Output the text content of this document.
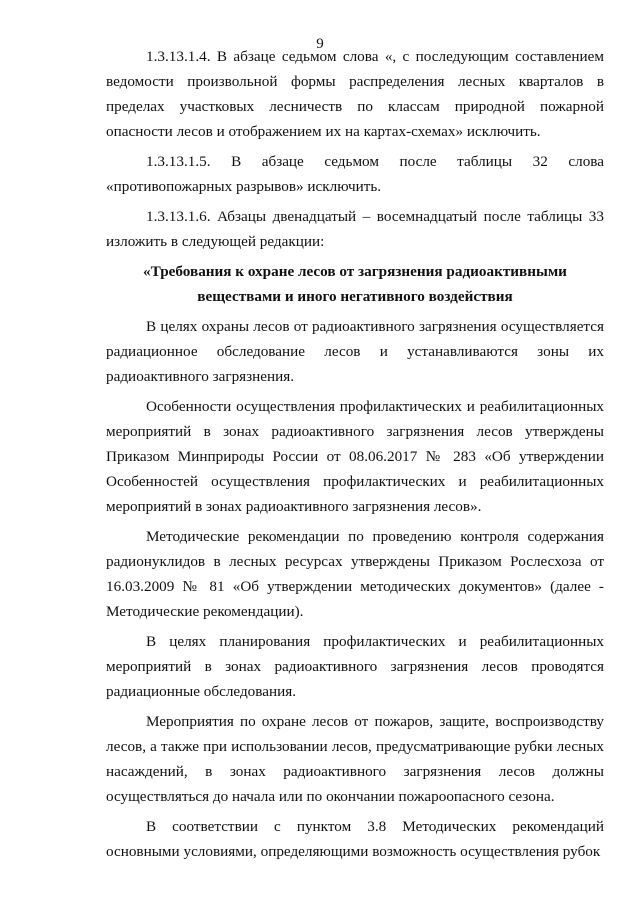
9

1.3.13.1.4. В абзаце седьмом слова «, с последующим составлением ведомости произвольной формы распределения лесных кварталов в пределах участковых лесничеств по классам природной пожарной опасности лесов и отображением их на картах-схемах» исключить.

1.3.13.1.5. В абзаце седьмом после таблицы 32 слова «противопожарных разрывов» исключить.

1.3.13.1.6. Абзацы двенадцатый – восемнадцатый после таблицы 33 изложить в следующей редакции:

«Требования к охране лесов от загрязнения радиоактивными веществами и иного негативного воздействия

В целях охраны лесов от радиоактивного загрязнения осуществляется радиационное обследование лесов и устанавливаются зоны их радиоактивного загрязнения.

Особенности осуществления профилактических и реабилитационных мероприятий в зонах радиоактивного загрязнения лесов утверждены Приказом Минприроды России от 08.06.2017 № 283 «Об утверждении Особенностей осуществления профилактических и реабилитационных мероприятий в зонах радиоактивного загрязнения лесов».

Методические рекомендации по проведению контроля содержания радионуклидов в лесных ресурсах утверждены Приказом Рослесхоза от 16.03.2009 № 81 «Об утверждении методических документов» (далее - Методические рекомендации).

В целях планирования профилактических и реабилитационных мероприятий в зонах радиоактивного загрязнения лесов проводятся радиационные обследования.

Мероприятия по охране лесов от пожаров, защите, воспроизводству лесов, а также при использовании лесов, предусматривающие рубки лесных насаждений, в зонах радиоактивного загрязнения лесов должны осуществляться до начала или по окончании пожароопасного сезона.

В соответствии с пунктом 3.8 Методических рекомендаций основными условиями, определяющими возможность осуществления рубок
